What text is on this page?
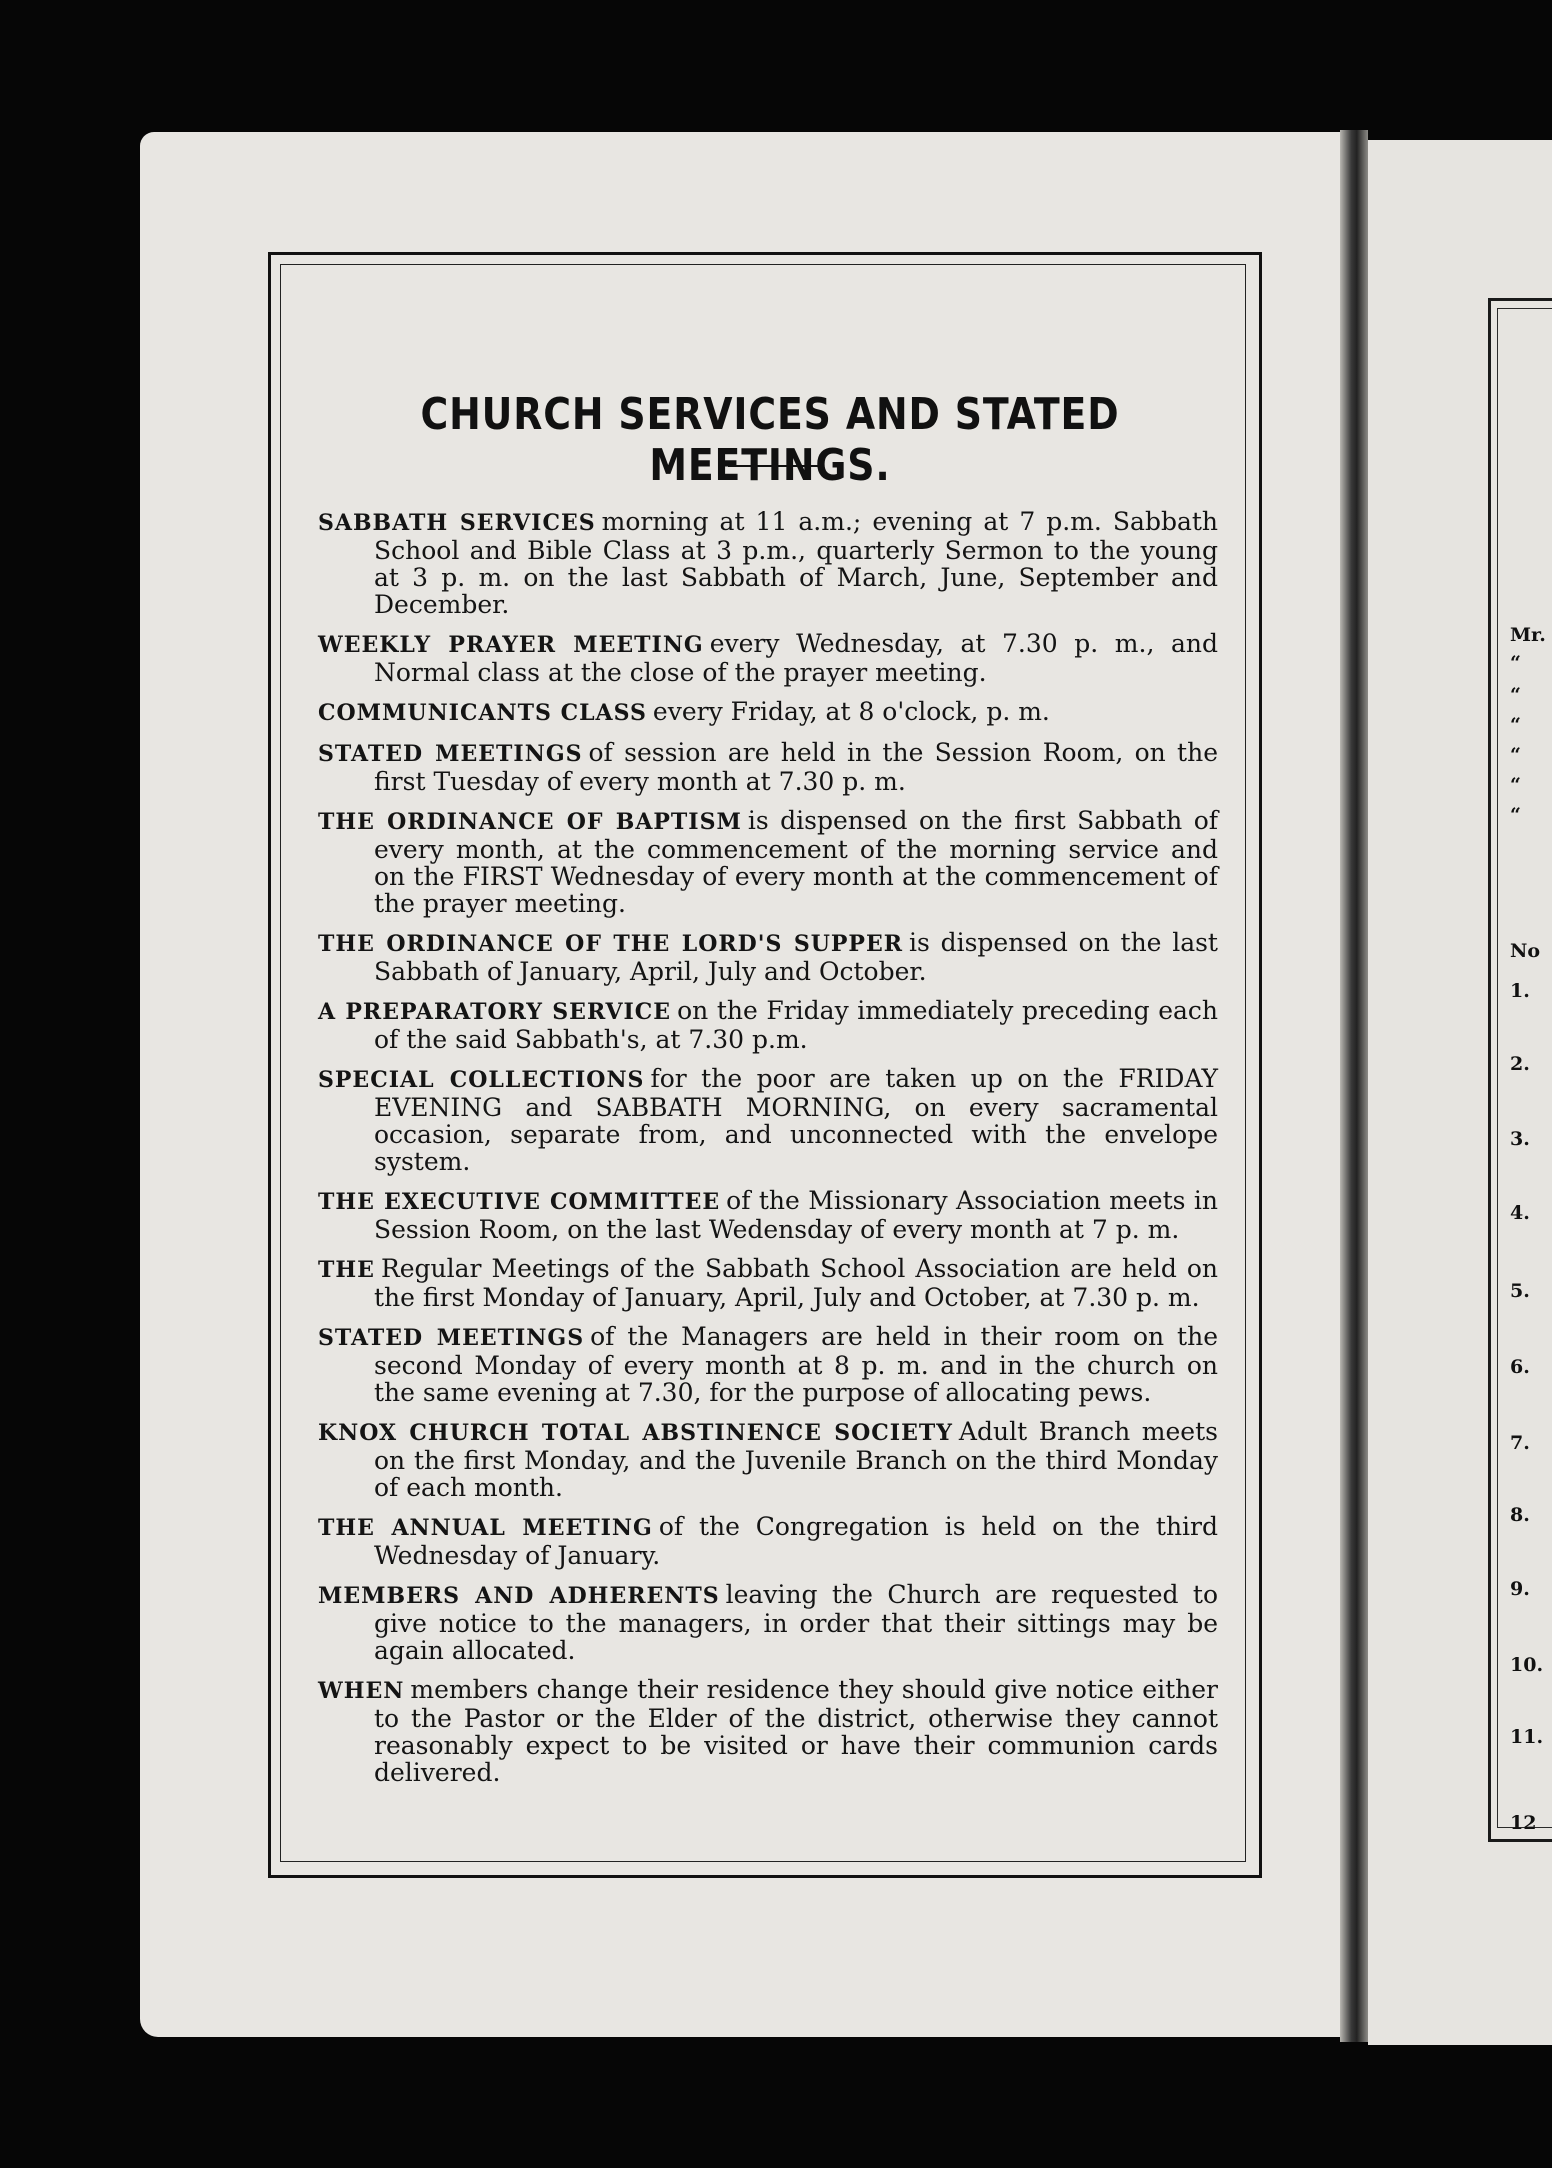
Mr.
“
“
“
“
“
“
No
1.
2.
3.
4.
5.
6.
7.
8.
9.
10.
11.
12
CHURCH SERVICES AND STATED MEETINGS.

SABBATH SERVICES morning at 11 a.m.; evening at 7 p.m. Sabbath School and Bible Class at 3 p.m., quarterly Sermon to the young at 3 p. m. on the last Sabbath of March, June, September and December.

WEEKLY PRAYER MEETING every Wednesday, at 7.30 p. m., and Normal class at the close of the prayer meeting.

COMMUNICANTS CLASS every Friday, at 8 o'clock, p. m.

STATED MEETINGS of session are held in the Session Room, on the first Tuesday of every month at 7.30 p. m.

THE ORDINANCE OF BAPTISM is dispensed on the first Sabbath of every month, at the commencement of the morning service and on the FIRST Wednesday of every month at the commencement of the prayer meeting.

THE ORDINANCE OF THE LORD'S SUPPER is dispensed on the last Sabbath of January, April, July and October.

A PREPARATORY SERVICE on the Friday immediately preceding each of the said Sabbath's, at 7.30 p.m.

SPECIAL COLLECTIONS for the poor are taken up on the FRIDAY EVENING and SABBATH MORNING, on every sacramental occasion, separate from, and unconnected with the envelope system.

THE EXECUTIVE COMMITTEE of the Missionary Association meets in Session Room, on the last Wedensday of every month at 7 p. m.

THE Regular Meetings of the Sabbath School Association are held on the first Monday of January, April, July and October, at 7.30 p. m.

STATED MEETINGS of the Managers are held in their room on the second Monday of every month at 8 p. m. and in the church on the same evening at 7.30, for the purpose of allocating pews.

KNOX CHURCH TOTAL ABSTINENCE SOCIETY Adult Branch meets on the first Monday, and the Juvenile Branch on the third Monday of each month.

THE ANNUAL MEETING of the Congregation is held on the third Wednesday of January.

MEMBERS AND ADHERENTS leaving the Church are requested to give notice to the managers, in order that their sittings may be again allocated.

WHEN members change their residence they should give notice either to the Pastor or the Elder of the district, otherwise they cannot reasonably expect to be visited or have their communion cards delivered.
